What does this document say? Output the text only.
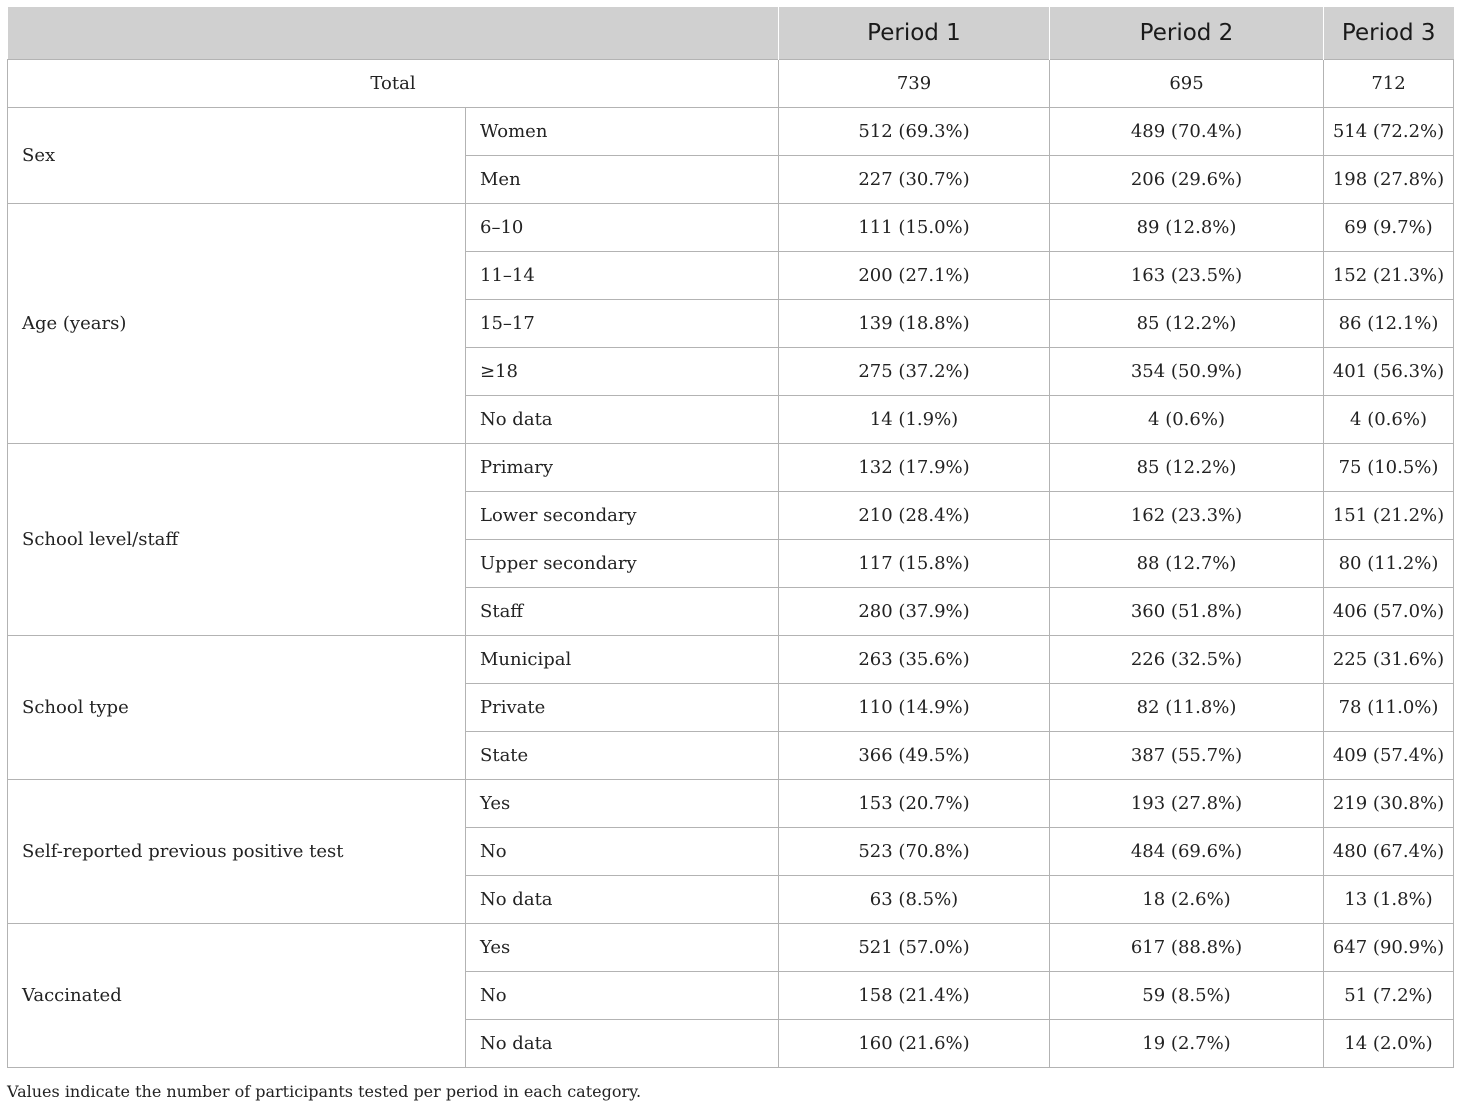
		Period 1	Period 2	Period 3
Total		739	695	712
Sex	Women	512 (69.3%)	489 (70.4%)	514 (72.2%)
	Men	227 (30.7%)	206 (29.6%)	198 (27.8%)
Age (years)	6–10	111 (15.0%)	89 (12.8%)	69 (9.7%)
	11–14	200 (27.1%)	163 (23.5%)	152 (21.3%)
	15–17	139 (18.8%)	85 (12.2%)	86 (12.1%)
	≥18	275 (37.2%)	354 (50.9%)	401 (56.3%)
	No data	14 (1.9%)	4 (0.6%)	4 (0.6%)
School level/staff	Primary	132 (17.9%)	85 (12.2%)	75 (10.5%)
	Lower secondary	210 (28.4%)	162 (23.3%)	151 (21.2%)
	Upper secondary	117 (15.8%)	88 (12.7%)	80 (11.2%)
	Staff	280 (37.9%)	360 (51.8%)	406 (57.0%)
School type	Municipal	263 (35.6%)	226 (32.5%)	225 (31.6%)
	Private	110 (14.9%)	82 (11.8%)	78 (11.0%)
	State	366 (49.5%)	387 (55.7%)	409 (57.4%)
Self-reported previous positive test	Yes	153 (20.7%)	193 (27.8%)	219 (30.8%)
	No	523 (70.8%)	484 (69.6%)	480 (67.4%)
	No data	63 (8.5%)	18 (2.6%)	13 (1.8%)
Vaccinated	Yes	521 (57.0%)	617 (88.8%)	647 (90.9%)
	No	158 (21.4%)	59 (8.5%)	51 (7.2%)
	No data	160 (21.6%)	19 (2.7%)	14 (2.0%)
Values indicate the number of participants tested per period in each category.
